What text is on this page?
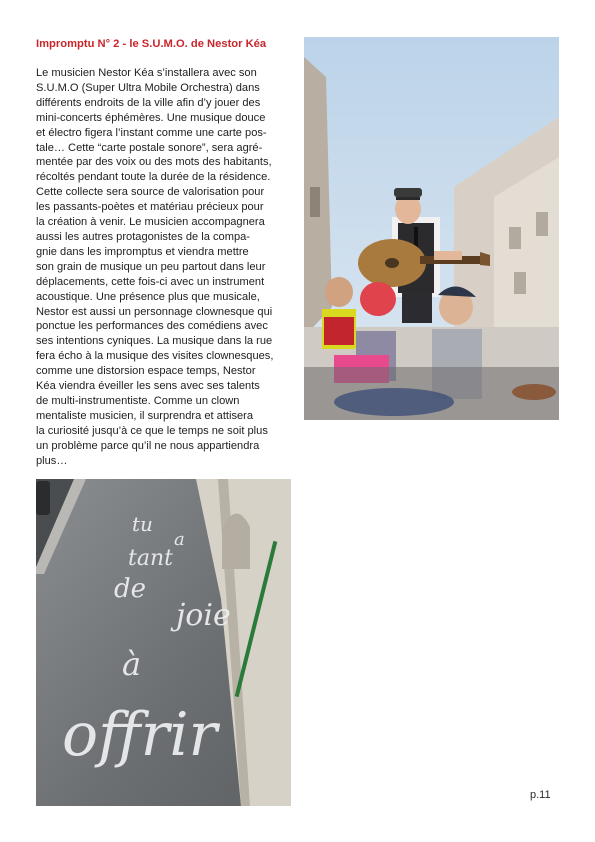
Impromptu N° 2 - le S.U.M.O. de Nestor Kéa
Le musicien Nestor Kéa s’installera avec son
S.U.M.O (Super Ultra Mobile Orchestra) dans
différents endroits de la ville afin d’y jouer des
mini-concerts éphémères. Une musique douce
et électro figera l’instant comme une carte pos-
tale… Cette “carte postale sonore”, sera agré-
mentée par des voix ou des mots des habitants,
récoltés pendant toute la durée de la résidence.
Cette collecte sera source de valorisation pour
les passants-poètes et matériau précieux pour
la création à venir. Le musicien accompagnera
aussi les autres protagonistes de la compa-
gnie dans les impromptus et viendra mettre
son grain de musique un peu partout dans leur
déplacements, cette fois-ci avec un instrument
acoustique. Une présence plus que musicale,
Nestor est aussi un personnage clownesque qui
ponctue les performances des comédiens avec
ses intentions cyniques. La musique dans la rue
fera écho à la musique des visites clownesques,
comme une distorsion espace temps, Nestor
Kéa viendra éveiller les sens avec ses talents
de multi-instrumentiste. Comme un clown
mentaliste musicien, il surprendra et attisera
la curiosité jusqu’à ce que le temps ne soit plus
un problème parce qu’il ne nous appartiendra
plus…
tu
a
tant
de
joie
à
offrir
p.11
